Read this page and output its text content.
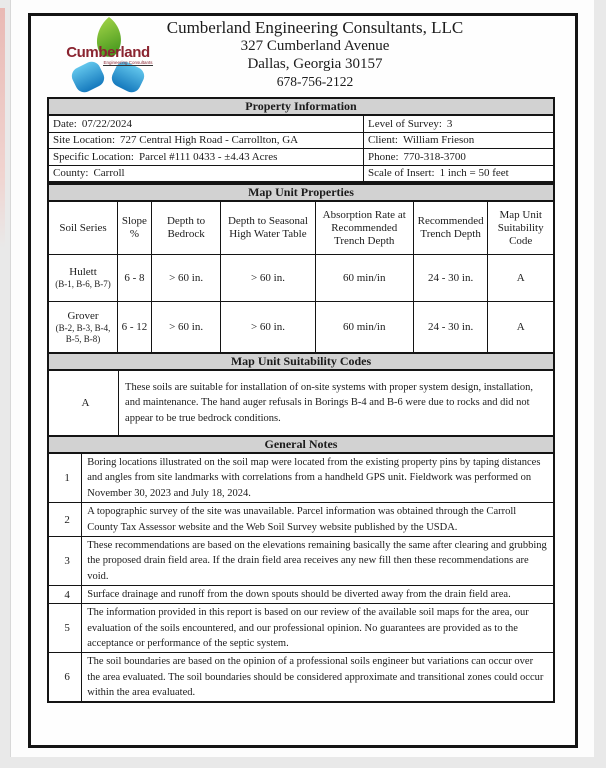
Cumberland
Engineering Consultants
Cumberland Engineering Consultants, LLC
327 Cumberland Avenue
Dallas, Georgia 30157
678-756-2122
Property Information
Date: 07/22/2024	Level of Survey: 3
Site Location: 727 Central High Road - Carrollton, GA	Client: William Frieson
Specific Location: Parcel #111 0433 - ±4.43 Acres	Phone: 770-318-3700
County: Carroll	Scale of Insert: 1 inch = 50 feet
Map Unit Properties
Soil Series	Slope %	Depth to Bedrock	Depth to Seasonal High Water Table	Absorption Rate at Recommended Trench Depth	Recommended Trench Depth	Map Unit Suitability Code

Hulett
(B-1, B-6, B-7)	6 - 8	> 60 in.	> 60 in.	60 min/in	24 - 30 in.	A

Grover
(B-2, B-3, B-4, B-5, B-8)	6 - 12	> 60 in.	> 60 in.	60 min/in	24 - 30 in.	A
Map Unit Suitability Codes
A	These soils are suitable for installation of on-site systems with proper system design, installation, and maintenance. The hand auger refusals in Borings B-4 and B-6 were due to rocks and did not appear to be true bedrock conditions.
General Notes
1	Boring locations illustrated on the soil map were located from the existing property pins by taping distances and angles from site landmarks with correlations from a handheld GPS unit. Fieldwork was performed on November 30, 2023 and July 18, 2024.
2	A topographic survey of the site was unavailable. Parcel information was obtained through the Carroll County Tax Assessor website and the Web Soil Survey website published by the USDA.
3	These recommendations are based on the elevations remaining basically the same after clearing and grubbing the proposed drain field area. If the drain field area receives any new fill then these recommendations are void.
4	Surface drainage and runoff from the down spouts should be diverted away from the drain field area.
5	The information provided in this report is based on our review of the available soil maps for the area, our evaluation of the soils encountered, and our professional opinion. No guarantees are provided as to the acceptance or performance of the septic system.
6	The soil boundaries are based on the opinion of a professional soils engineer but variations can occur over the area evaluated. The soil boundaries should be considered approximate and transitional zones could occur within the area evaluated.
